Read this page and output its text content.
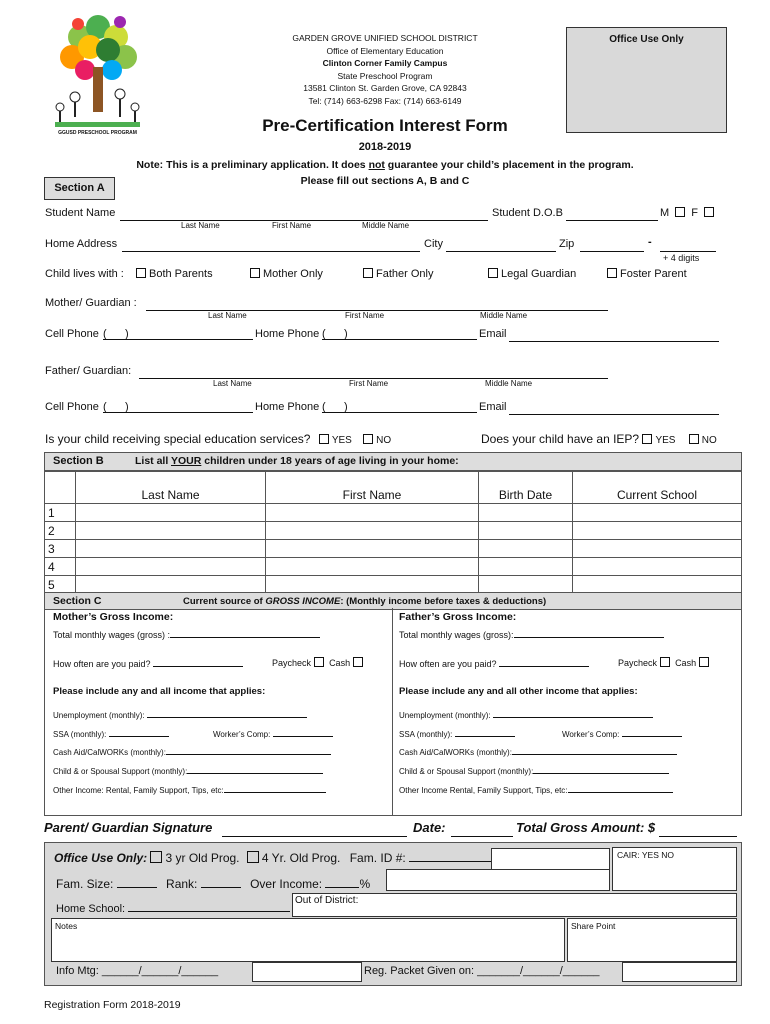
GGUSD PRESCHOOL PROGRAM
GARDEN GROVE UNIFIED SCHOOL DISTRICT
Office of Elementary Education
Clinton Corner Family Campus
State Preschool Program
13581 Clinton St. Garden Grove, CA 92843
Tel: (714) 663-6298 Fax: (714) 663-6149
Office Use Only
Pre-Certification Interest Form
2018-2019
Note: This is a preliminary application. It does not guarantee your child’s placement in the program.
Please fill out sections A, B and C
Section A
Student Name	Student D.O.B	M F
Last Name	First Name	Middle Name
Home Address	City	Zip	-
+ 4 digits
Child lives with :	Both Parents	Mother Only	Father Only	Legal Guardian	Foster Parent
Mother/ Guardian :
Last Name	First Name	Middle Name
Cell Phone (      )	Home Phone (      )	Email
Father/ Guardian:
Last Name	First Name	Middle Name
Cell Phone (      )	Home Phone (      )	Email
Is your child receiving special education services? YES NO	Does your child have an IEP? YES	NO
Section B	List all YOUR children under 18 years of age living in your home:
	Last Name	First Name	Birth Date	Current School
1				
2				
3				
4				
5				
Section C	Current source of GROSS INCOME: (Monthly income before taxes & deductions)
Mother’s Gross Income:
Total monthly wages (gross) :
How often are you paid?	Paycheck Cash
Please include any and all income that applies:
Unemployment (monthly):
SSA (monthly):	Worker’s Comp:
Cash Aid/CalWORKs (monthly):
Child & or Spousal Support (monthly):
Other Income: Rental, Family Support, Tips, etc:
Father’s Gross Income:
Total monthly wages (gross):
How often are you paid?	Paycheck Cash
Please include any and all other income that applies:
Unemployment (monthly):
SSA (monthly):	Worker’s Comp:
Cash Aid/CalWORKs (monthly):
Child & or Spousal Support (monthly):
Other Income Rental, Family Support, Tips, etc:
Parent/ Guardian Signature	Date:	Total Gross Amount: $
Office Use Only: 3 yr Old Prog. 4 Yr. Old Prog. Fam. ID #:	CAIR: YES NO
Fam. Size:	Rank:	Over Income:	%
Home School:
Out of District:
Notes	Share Point
Info Mtg: ______/______/______	Reg. Packet Given on: _______/______/______
Registration Form 2018-2019
